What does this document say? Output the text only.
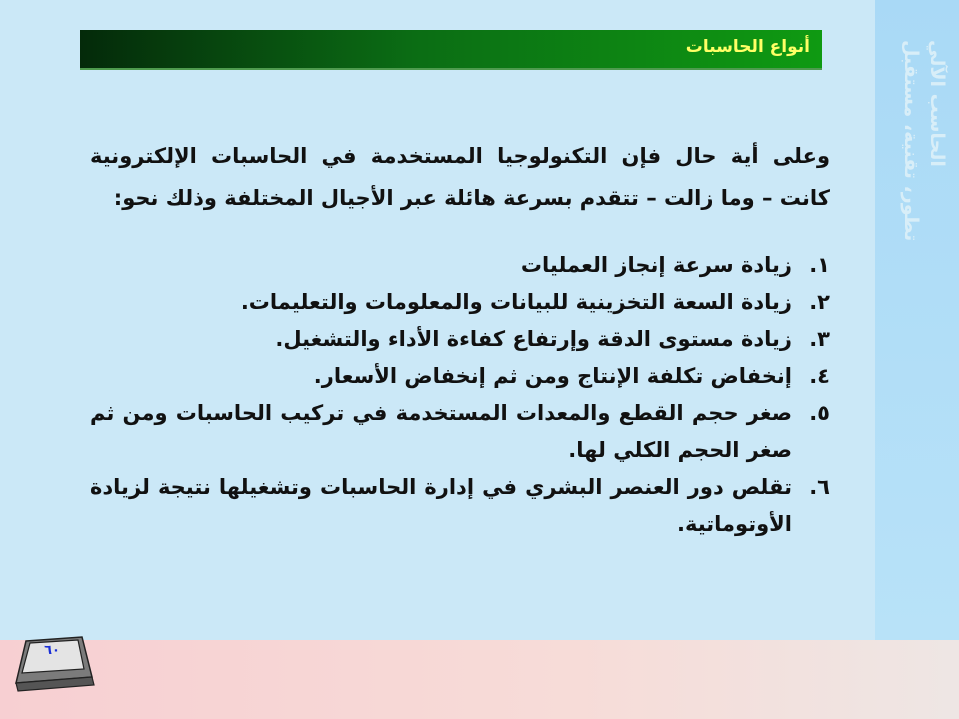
الحاسب الآلي
تطور، تقنية، مستقبل
أنواع الحاسبات

وعلى أية حال فإن التكنولوجيا المستخدمة في الحاسبات الإلكترونية كانت – وما زالت – تتقدم بسرعة هائلة عبر الأجيال المختلفة وذلك نحو:

١.
زيادة سرعة إنجاز العمليات
٢.
زيادة السعة التخزينية للبيانات والمعلومات والتعليمات.
٣.
زيادة مستوى الدقة وإرتفاع كفاءة الأداء والتشغيل.
٤.
إنخفاض تكلفة الإنتاج ومن ثم إنخفاض الأسعار.
٥.
صغر حجم القطع والمعدات المستخدمة في تركيب الحاسبات ومن ثم صغر الحجم الكلي لها.
٦.
تقلص دور العنصر البشري في إدارة الحاسبات وتشغيلها نتيجة لزيادة الأوتوماتية.
٦٠
